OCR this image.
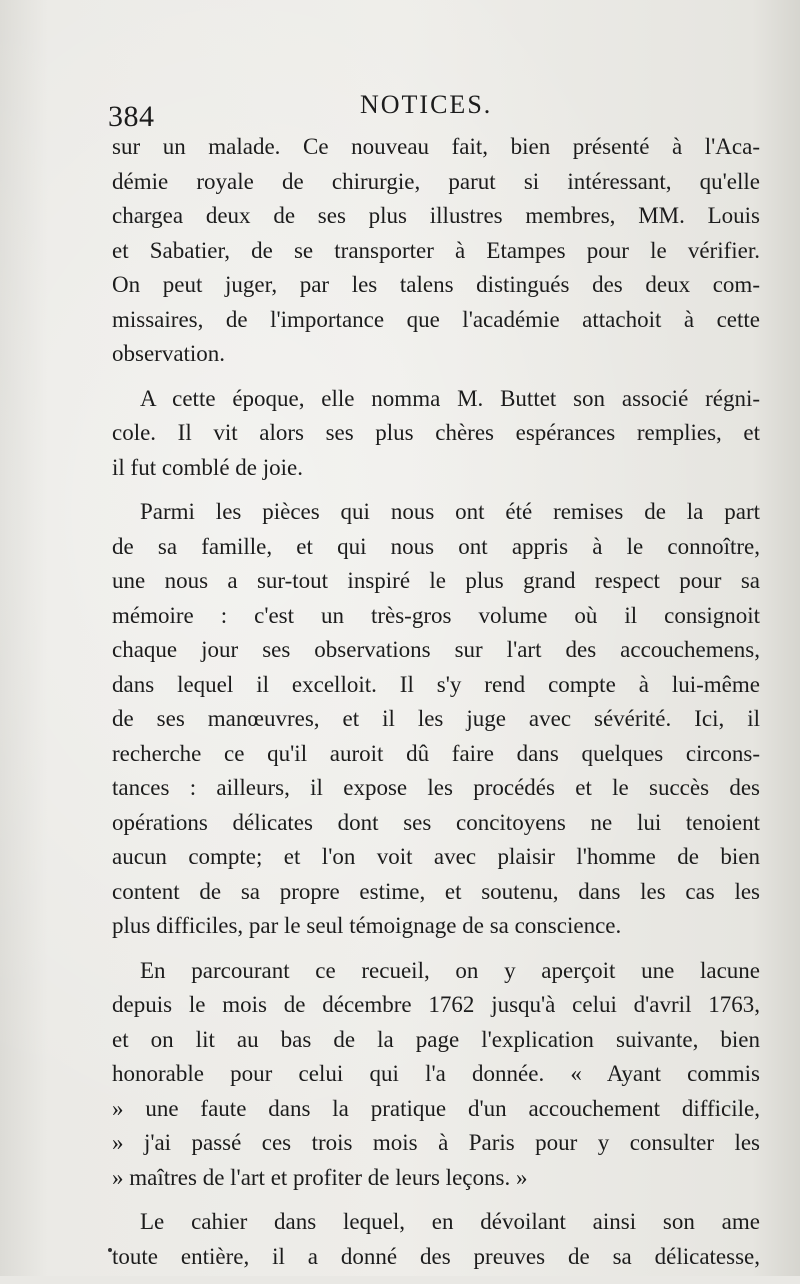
384	NOTICES.
sur un malade. Ce nouveau fait, bien présenté à l'Aca-
démie royale de chirurgie, parut si intéressant, qu'elle
chargea deux de ses plus illustres membres, MM. Louis
et Sabatier, de se transporter à Etampes pour le vérifier.
On peut juger, par les talens distingués des deux com-
missaires, de l'importance que l'académie attachoit à cette
observation.
A cette époque, elle nomma M. Buttet son associé régni-
cole. Il vit alors ses plus chères espérances remplies, et
il fut comblé de joie.
Parmi les pièces qui nous ont été remises de la part
de sa famille, et qui nous ont appris à le connoître,
une nous a sur-tout inspiré le plus grand respect pour sa
mémoire : c'est un très-gros volume où il consignoit
chaque jour ses observations sur l'art des accouchemens,
dans lequel il excelloit. Il s'y rend compte à lui-même
de ses manœuvres, et il les juge avec sévérité. Ici, il
recherche ce qu'il auroit dû faire dans quelques circons-
tances : ailleurs, il expose les procédés et le succès des
opérations délicates dont ses concitoyens ne lui tenoient
aucun compte; et l'on voit avec plaisir l'homme de bien
content de sa propre estime, et soutenu, dans les cas les
plus difficiles, par le seul témoignage de sa conscience.
En parcourant ce recueil, on y aperçoit une lacune
depuis le mois de décembre 1762 jusqu'à celui d'avril 1763,
et on lit au bas de la page l'explication suivante, bien
honorable pour celui qui l'a donnée. « Ayant commis
» une faute dans la pratique d'un accouchement difficile,
» j'ai passé ces trois mois à Paris pour y consulter les
» maîtres de l'art et profiter de leurs leçons. »
Le cahier dans lequel, en dévoilant ainsi son ame
toute entière, il a donné des preuves de sa délicatesse,
